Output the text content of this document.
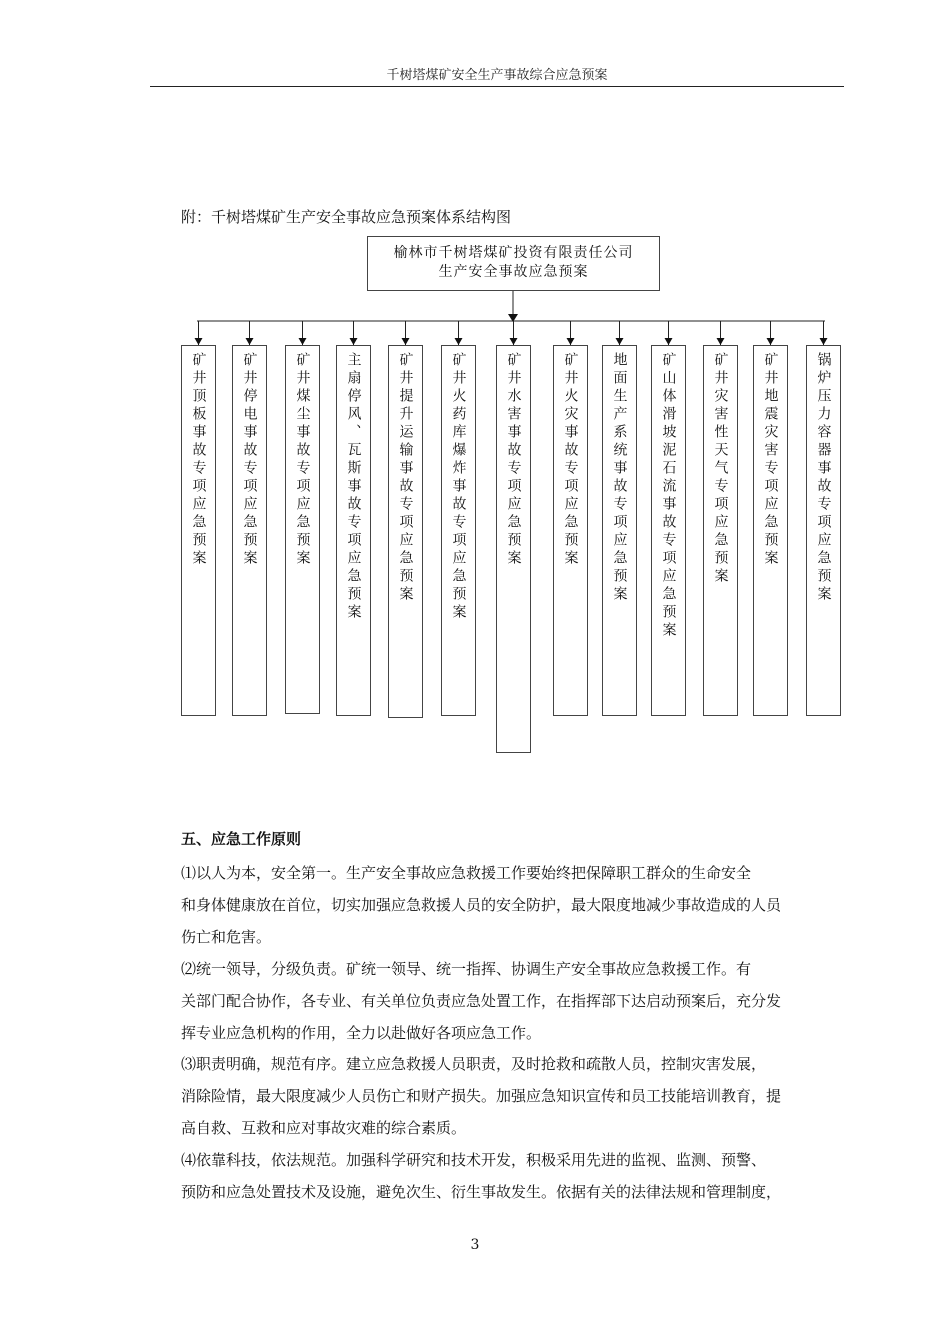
千树塔煤矿安全生产事故综合应急预案
附：千树塔煤矿生产安全事故应急预案体系结构图
榆林市千树塔煤矿投资有限责任公司
生产安全事故应急预案
矿井顶板事故专项应急预案	矿井停电事故专项应急预案	矿井煤尘事故专项应急预案	主扇停风、瓦斯事故专项应急预案	矿井提升运输事故专项应急预案	矿井火药库爆炸事故专项应急预案	矿井水害事故专项应急预案	矿井火灾事故专项应急预案 地面生产系统事故专项应急预案 矿山体滑坡泥石流事故专项应急预案	矿井灾害性天气专项应急预案 矿井地震灾害专项应急预案	锅炉压力容器事故专项应急预案
五、应急工作原则
⑴以人为本，安全第一。生产安全事故应急救援工作要始终把保障职工群众的生命安全
和身体健康放在首位，切实加强应急救援人员的安全防护，最大限度地减少事故造成的人员
伤亡和危害。
⑵统一领导，分级负责。矿统一领导、统一指挥、协调生产安全事故应急救援工作。有
关部门配合协作，各专业、有关单位负责应急处置工作，在指挥部下达启动预案后，充分发
挥专业应急机构的作用，全力以赴做好各项应急工作。
⑶职责明确，规范有序。建立应急救援人员职责，及时抢救和疏散人员，控制灾害发展，
消除险情，最大限度减少人员伤亡和财产损失。加强应急知识宣传和员工技能培训教育，提
高自救、互救和应对事故灾难的综合素质。
⑷依靠科技，依法规范。加强科学研究和技术开发，积极采用先进的监视、监测、预警、
预防和应急处置技术及设施，避免次生、衍生事故发生。依据有关的法律法规和管理制度，
3
